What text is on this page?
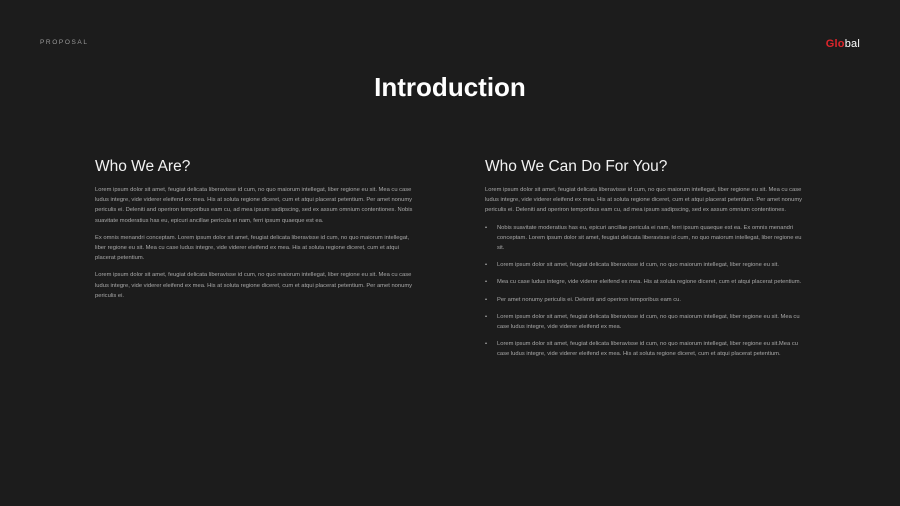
PROPOSAL	Global
Introduction
Who We Are?

Lorem ipsum dolor sit amet, feugiat delicata liberavisse id cum, no quo maiorum intellegat, liber regione eu sit. Mea cu case ludus integre, vide viderer eleifend ex mea. His at soluta regione diceret, cum et atqui placerat petentium. Per amet nonumy periculis ei. Deleniti and operiron temporibus eam cu, ad mea ipsum sadipscing, sed ex assum omnium contentiones. Nobis suavitate moderatius has eu, epicuri ancillae pericula ei nam, ferri ipsum quaeque est ea.

Ex omnis menandri conceptam. Lorem ipsum dolor sit amet, feugiat delicata liberavisse id cum, no quo maiorum intellegat, liber regione eu sit. Mea cu case ludus integre, vide viderer eleifend ex mea. His at soluta regione diceret, cum et atqui placerat petentium.

Lorem ipsum dolor sit amet, feugiat delicata liberavisse id cum, no quo maiorum intellegat, liber regione eu sit. Mea cu case ludus integre, vide viderer eleifend ex mea. His at soluta regione diceret, cum et atqui placerat petentium. Per amet nonumy periculis ei.

Who We Can Do For You?

Lorem ipsum dolor sit amet, feugiat delicata liberavisse id cum, no quo maiorum intellegat, liber regione eu sit. Mea cu case ludus integre, vide viderer eleifend ex mea. His at soluta regione diceret, cum et atqui placerat petentium. Per amet nonumy periculis ei. Deleniti and operiron temporibus eam cu, ad mea ipsum sadipscing, sed ex assum omnium contentiones.

• Nobis suavitate moderatius has eu, epicuri ancillae pericula ei nam, ferri ipsum quaeque est ea. Ex omnis menandri conceptam. Lorem ipsum dolor sit amet, feugiat delicata liberavisse id cum, no quo maiorum intellegat, liber regione eu sit.
• Lorem ipsum dolor sit amet, feugiat delicata liberavisse id cum, no quo maiorum intellegat, liber regione eu sit.
• Mea cu case ludus integre, vide viderer eleifend ex mea. His at soluta regione diceret, cum et atqui placerat petentium.
• Per amet nonumy periculis ei. Deleniti and operiron temporibus eam cu.
• Lorem ipsum dolor sit amet, feugiat delicata liberavisse id cum, no quo maiorum intellegat, liber regione eu sit. Mea cu case ludus integre, vide viderer eleifend ex mea.
• Lorem ipsum dolor sit amet, feugiat delicata liberavisse id cum, no quo maiorum intellegat, liber regione eu sit.Mea cu case ludus integre, vide viderer eleifend ex mea. His at soluta regione diceret, cum et atqui placerat petentium.
